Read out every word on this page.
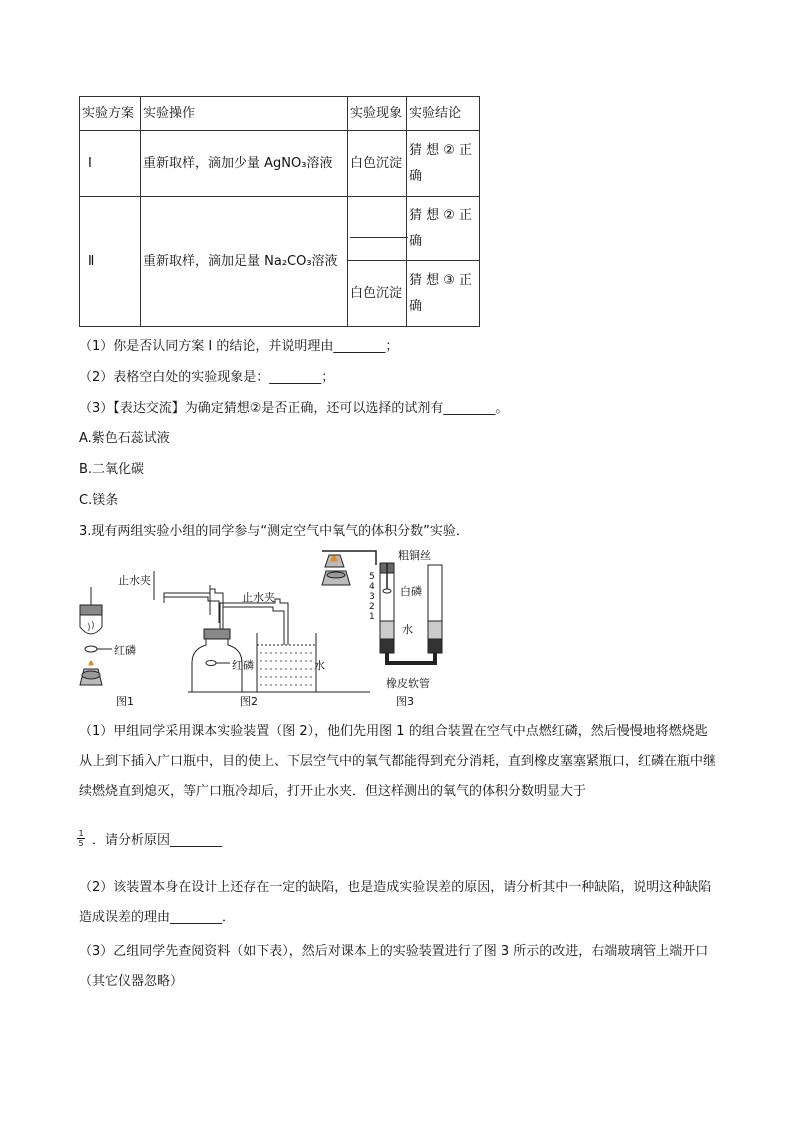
实验方案	实验操作	实验现象	实验结论
Ⅰ	重新取样，滴加少量 AgNO₃溶液	白色沉淀	猜 想 ② 正 确
Ⅱ	重新取样，滴加足量 Na₂CO₃溶液		猜 想 ② 正 确
		白色沉淀	猜 想 ③ 正 确
（1）你是否认同方案 I 的结论，并说明理由________；
（2）表格空白处的实验现象是：________；
（3）【表达交流】为确定猜想②是否正确，还可以选择的试剂有________。
A.紫色石蕊试液
B.二氧化碳
C.镁条
3.现有两组实验小组的同学参与“测定空气中氧气的体积分数”实验．
止水夹
红磷
图1
止水夹
红磷	水
图2
5
4
3
2
1
粗铜丝
白磷
水
橡皮软管
图3
（1）甲组同学采用课本实验装置（图 2），他们先用图 1 的组合装置在空气中点燃红磷，然后慢慢地将燃烧匙从上到下插入广口瓶中，目的使上、下层空气中的氧气都能得到充分消耗，直到橡皮塞塞紧瓶口，红磷在瓶中继续燃烧直到熄灭，等广口瓶冷却后，打开止水夹．但这样测出的氧气的体积分数明显大于
$\frac{1}{5}$ ．请分析原因________
（2）该装置本身在设计上还存在一定的缺陷，也是造成实验误差的原因，请分析其中一种缺陷，说明这种缺陷造成误差的理由________．
（3）乙组同学先查阅资料（如下表），然后对课本上的实验装置进行了图 3 所示的改进，右端玻璃管上端开口（其它仪器忽略）
